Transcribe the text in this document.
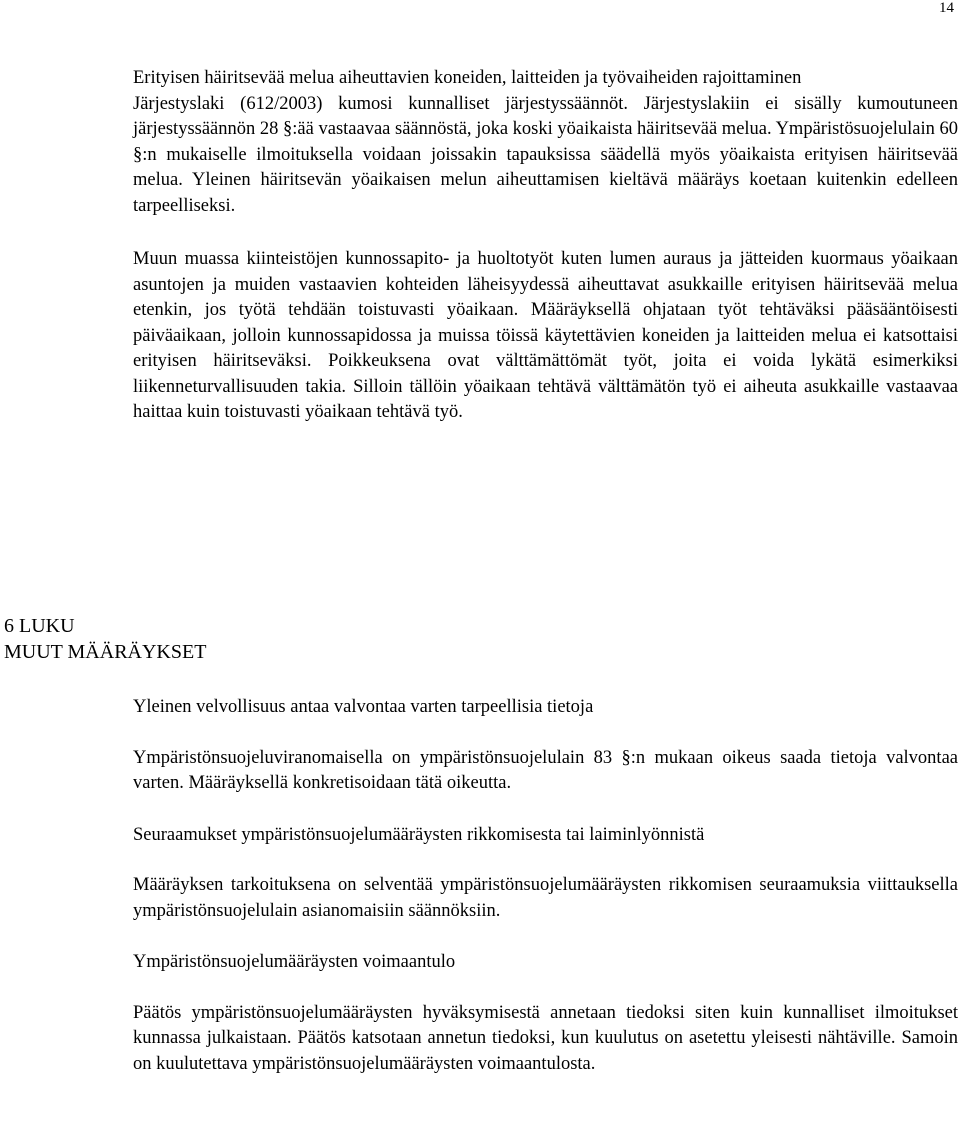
14

Erityisen häiritsevää melua aiheuttavien koneiden, laitteiden ja työvaiheiden rajoittaminen

Järjestyslaki (612/2003) kumosi kunnalliset järjestyssäännöt. Järjestyslakiin ei sisälly kumoutuneen järjestyssäännön 28 §:ää vastaavaa säännöstä, joka koski yöaikaista häiritsevää melua. Ympäristösuojelulain 60 §:n mukaiselle ilmoituksella voidaan joissakin tapauksissa säädellä myös yöaikaista erityisen häiritsevää melua. Yleinen häiritsevän yöaikaisen melun aiheuttamisen kieltävä määräys koetaan kuitenkin edelleen tarpeelliseksi.

Muun muassa kiinteistöjen kunnossapito- ja huoltotyöt kuten lumen auraus ja jätteiden kuormaus yöaikaan asuntojen ja muiden vastaavien kohteiden läheisyydessä aiheuttavat asukkaille erityisen häiritsevää melua etenkin, jos työtä tehdään toistuvasti yöaikaan. Määräyksellä ohjataan työt tehtäväksi pääsääntöisesti päiväaikaan, jolloin kunnossapidossa ja muissa töissä käytettävien koneiden ja laitteiden melua ei katsottaisi erityisen häiritseväksi. Poikkeuksena ovat välttämättömät työt, joita ei voida lykätä esimerkiksi liikenneturvallisuuden takia. Silloin tällöin yöaikaan tehtävä välttämätön työ ei aiheuta asukkaille vastaavaa haittaa kuin toistuvasti yöaikaan tehtävä työ.

6 LUKU
MUUT MÄÄRÄYKSET

Yleinen velvollisuus antaa valvontaa varten tarpeellisia tietoja

Ympäristönsuojeluviranomaisella on ympäristönsuojelulain 83 §:n mukaan oikeus saada tietoja valvontaa varten. Määräyksellä konkretisoidaan tätä oikeutta.

Seuraamukset ympäristönsuojelumääräysten rikkomisesta tai laiminlyönnistä

Määräyksen tarkoituksena on selventää ympäristönsuojelumääräysten rikkomisen seuraamuksia viittauksella ympäristönsuojelulain asianomaisiin säännöksiin.

Ympäristönsuojelumääräysten voimaantulo

Päätös ympäristönsuojelumääräysten hyväksymisestä annetaan tiedoksi siten kuin kunnalliset ilmoitukset kunnassa julkaistaan. Päätös katsotaan annetun tiedoksi, kun kuulutus on asetettu yleisesti nähtäville. Samoin on kuulutettava ympäristönsuojelumääräysten voimaantulosta.
